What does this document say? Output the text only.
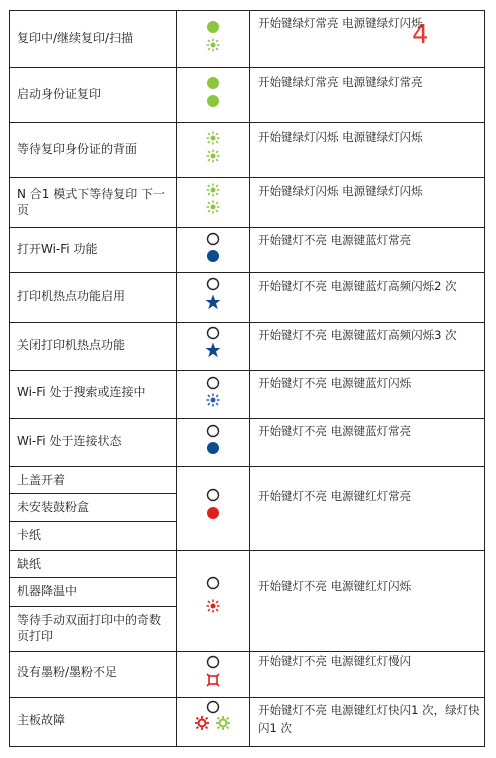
4
复印中/继续复印/扫描
开始键绿灯常亮 电源键绿灯闪烁
启动身份证复印
开始键绿灯常亮 电源键绿灯常亮
等待复印身份证的背面
开始键绿灯闪烁 电源键绿灯闪烁
N 合1 模式下等待复印 下一页
开始键绿灯闪烁 电源键绿灯闪烁
打开Wi-Fi 功能
开始键灯不亮 电源键蓝灯常亮
打印机热点功能启用
开始键灯不亮 电源键蓝灯高频闪烁2 次
关闭打印机热点功能
开始键灯不亮 电源键蓝灯高频闪烁3 次
Wi-Fi 处于搜索或连接中
开始键灯不亮 电源键蓝灯闪烁
Wi-Fi 处于连接状态
开始键灯不亮 电源键蓝灯常亮
上盖开着
未安装鼓粉盒
卡纸
开始键灯不亮 电源键红灯常亮
缺纸
机器降温中
等待手动双面打印中的奇数 页打印
开始键灯不亮 电源键红灯闪烁
没有墨粉/墨粉不足
开始键灯不亮 电源键红灯慢闪
主板故障
开始键灯不亮 电源键红灯快闪1 次，绿灯快闪1 次
